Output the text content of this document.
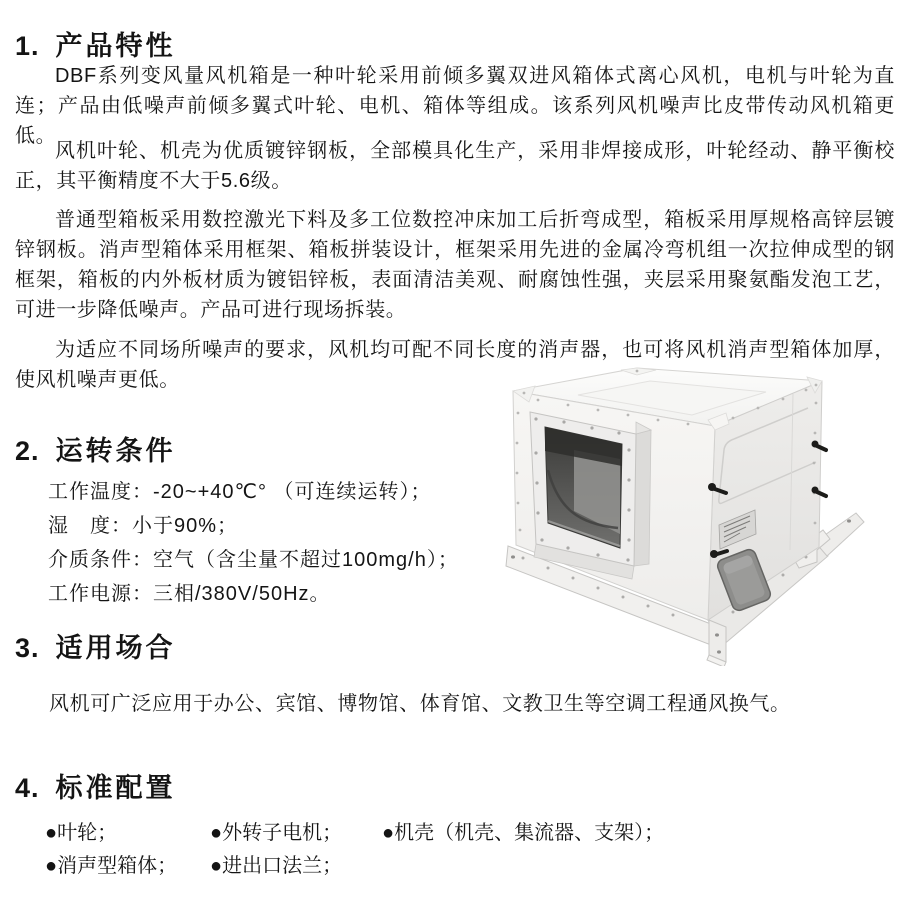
1. 产品特性

DBF系列变风量风机箱是一种叶轮采用前倾多翼双进风箱体式离心风机，电机与叶轮为直连；产品由低噪声前倾多翼式叶轮、电机、箱体等组成。该系列风机噪声比皮带传动风机箱更低。

风机叶轮、机壳为优质镀锌钢板，全部模具化生产，采用非焊接成形，叶轮经动、静平衡校正，其平衡精度不大于5.6级。

普通型箱板采用数控激光下料及多工位数控冲床加工后折弯成型，箱板采用厚规格高锌层镀锌钢板。消声型箱体采用框架、箱板拼装设计，框架采用先进的金属冷弯机组一次拉伸成型的钢框架，箱板的内外板材质为镀铝锌板，表面清洁美观、耐腐蚀性强，夹层采用聚氨酯发泡工艺，可进一步降低噪声。产品可进行现场拆装。

为适应不同场所噪声的要求，风机均可配不同长度的消声器，也可将风机消声型箱体加厚，使风机噪声更低。

2. 运转条件
工作温度：-20~+40℃° （可连续运转）；
湿　度：小于90%；
介质条件：空气（含尘量不超过100mg/h）；
工作电源：三相/380V/50Hz。
3. 适用场合

风机可广泛应用于办公、宾馆、博物馆、体育馆、文教卫生等空调工程通风换气。

4. 标准配置
●叶轮；	●外转子电机；	●机壳（机壳、集流器、支架）；
●消声型箱体；	●进出口法兰；
